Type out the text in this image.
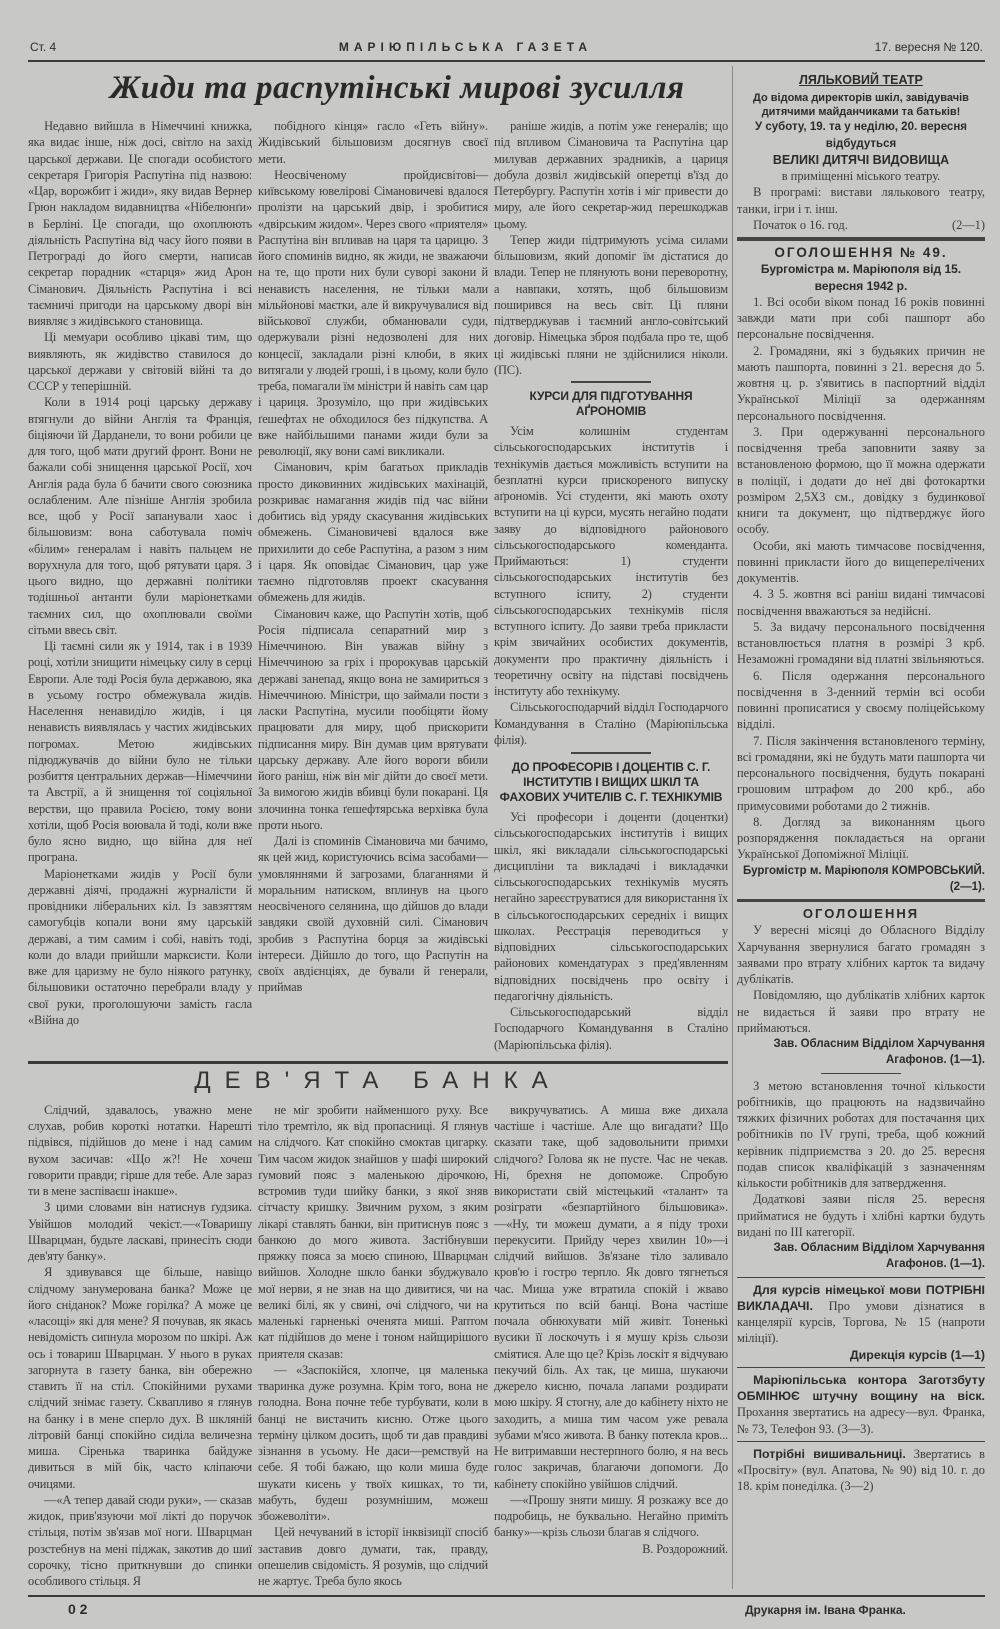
Ст. 4	МАРІЮПІЛЬСЬКА ГАЗЕТА	17. вересня № 120.
Жиди та распутінські мирові зусилля

Недавно вийшла в Німеччині книжка, яка видає інше, ніж досі, світло на захід царської держави. Це спогади особистого секретаря Григорія Распутіна під назвою: «Цар, ворожбит і жиди», яку видав Вернер Грюн накладом видавництва «Нібелюнґи» в Берліні. Це спогади, що охоплюють діяльність Распутіна від часу його появи в Петрограді до його смерти, написав секретар порадник «старця» жид Арон Сіманович. Діяльність Распутіна і всі таємничі пригоди на царському дворі він виявляє з жидівського становища.

Ці мемуари особливо цікаві тим, що виявляють, як жидівство ставилося до царської держави у світовій війні та до СССР у теперішній.

Коли в 1914 році царську державу втягнули до війни Англія та Франція, біціяючи їй Дарданели, то вони робили це для того, щоб мати другий фронт. Вони не бажали собі знищення царської Росії, хоч Англія рада була б бачити свого союзника ослабленим. Але пізніше Англія зробила все, щоб у Росії запанували хаос і більшовизм: вона саботувала поміч «білим» генералам і навіть пальцем не ворухнула для того, щоб рятувати царя. З цього видно, що державні політики тодішньої антанти були маріонетками таємних сил, що охоплювали своїми сітьми ввесь світ.

Ці таємні сили як у 1914, так і в 1939 році, хотіли знищити німецьку силу в серці Европи. Але тоді Росія була державою, яка в усьому гостро обмежувала жидів. Населення ненавиділо жидів, і ця ненависть виявлялась у частих жидівських погромах. Метою жидівських підюджувачів до війни було не тільки розбиття центральних держав—Німеччини та Австрії, а й знищення тої соціяльної верстви, що правила Росією, тому вони хотіли, щоб Росія воювала й тоді, коли вже було ясно видно, що війна для неї програна.

Маріонетками жидів у Росії були державні діячі, продажні журналісти й провідники ліберальних кіл. Із завзяттям самогубців копали вони яму царській державі, а тим самим і собі, навіть тоді, коли до влади прийшли марксисти. Коли вже для царизму не було ніякого ратунку, більшовики остаточно перебрали владу у свої руки, проголошуючи замість гасла «Війна до

побідного кінця» гасло «Геть війну». Жидівський більшовизм досягнув своєї мети.

Неосвіченому пройдисвітові—київському ювелірові Сімановичеві вдалося пролізти на царський двір, і зробитися «двірським жидом». Через свого «приятеля» Распутіна він впливав на царя та царицю. З його споминів видно, як жиди, не зважаючи на те, що проти них були суворі закони й ненависть населення, не тільки мали мільйонові маєтки, але й викручувалися від військової служби, обманювали суди, одержували різні недозволені для них концесії, закладали різні клюби, в яких витягали у людей гроші, і в цьому, коли було треба, помагали їм міністри й навіть сам цар і цариця. Зрозуміло, що при жидівських ґешефтах не обходилося без підкупства. А вже найбільшими панами жиди були за революції, яку вони самі викликали.

Сіманович, крім багатьох прикладів просто диковинних жидівських махінацій, розкриває намагання жидів під час війни добитись від уряду скасування жидівських обмежень. Сімановичеві вдалося вже прихилити до себе Распутіна, а разом з ним і царя. Як оповідає Сіманович, цар уже таємно підготовляв проект скасування обмежень для жидів.

Сіманович каже, що Распутін хотів, щоб Росія підписала сепаратний мир з Німеччиною. Він уважав війну з Німеччиною за гріх і пророкував царській державі занепад, якщо вона не замириться з Німеччиною. Міністри, що займали пости з ласки Распутіна, мусили пообіцяти йому працювати для миру, щоб прискорити підписання миру. Він думав цим врятувати царську державу. Але його вороги вбили його раніш, ніж він міг дійти до своєї мети. За вимогою жидів вбивці були покарані. Ця злочинна тонка ґешефтярська верхівка була проти нього.

Далі із споминів Сімановича ми бачимо, як цей жид, користуючись всіма засобами—умовляннями й загрозами, благаннями й моральним натиском, вплинув на цього неосвіченого селянина, що дійшов до влади завдяки своїй духовній силі. Сіманович зробив з Распутіна борця за жидівські інтереси. Дійшло до того, що Распутін на своїх авдієнціях, де бували й генерали, приймав

раніше жидів, а потім уже генералів; що під впливом Сімановича та Распутіна цар милував державних зрадників, а цариця добула дозвіл жидівській оперетці в'їзд до Петербургу. Распутін хотів і міг привести до миру, але його секретар-жид перешкоджав цьому.

Тепер жиди підтримують усіма силами більшовизм, який допоміг їм дістатися до влади. Тепер не плянують вони переворотну, а навпаки, хотять, щоб більшовизм поширився на весь світ. Ці пляни підтверджував і таємний англо-совітський договір. Німецька зброя подбала про те, щоб ці жидівські пляни не здійснилися ніколи. (ПС).

КУРСИ ДЛЯ ПІДГОТУВАННЯ АҐРОНОМІВ

Усім колишнім студентам сільськогосподарських інститутів і технікумів дається можливість вступити на безплатні курси прискореного випуску аґрономів. Усі студенти, які мають охоту вступити на ці курси, мусять негайно подати заяву до відповідного районового сільськогосподарського коменданта. Приймаються: 1) студенти сільськогосподарських інститутів без вступного іспиту, 2) студенти сільськогосподарських технікумів після вступного іспиту. До заяви треба прикласти крім звичайних особистих документів, документи про практичну діяльність і теоретичну освіту на підставі посвідчень інституту або технікуму.

Сільськогосподарчий відділ Господарчого Командування в Сталіно (Маріюпільська філія).

ДО ПРОФЕСОРІВ І ДОЦЕНТІВ С. Г. ІНСТИТУТІВ І ВИЩИХ ШКІЛ ТА ФАХОВИХ УЧИТЕЛІВ С. Г. ТЕХНІКУМІВ

Усі професори і доценти (доцентки) сільськогосподарських інститутів і вищих шкіл, які викладали сільськогосподарські дисципліни та викладачі і викладачки сільськогосподарських технікумів мусять негайно зареєструватися для використання їх в сільськогосподарських середніх і вищих школах. Реєстрація переводиться у відповідних сільськогосподарських районових комендатурах з пред'явленням відповідних посвідчень про освіту і педагогічну діяльність.

Сільськогосподарський відділ Господарчого Командування в Сталіно (Маріюпільська філія).

ДЕВ'ЯТА БАНКА

Слідчий, здавалось, уважно мене слухав, робив короткі нотатки. Нарешті підвівся, підійшов до мене і над самим вухом засичав: «Що ж?! Не хочеш говорити правди; гірше для тебе. Але зараз ти в мене заспіваєш інакше».

З цими словами він натиснув ґудзика. Увійшов молодий чекіст.—«Товаришу Шварцман, будьте ласкаві, принесіть сюди дев'яту банку».

Я здивувався ще більше, навіщо слідчому занумерована банка? Може це його сніданок? Може горілка? А може це «ласощі» які для мене? Я почував, як якась невідомість сипнула морозом по шкірі. Аж ось і товариш Шварцман. У нього в руках загорнута в газету банка, він обережно ставить її на стіл. Спокійними рухами слідчий знімає газету. Сквапливо я глянув на банку і в мене сперло дух. В шкляній літровій банці спокійно сиділа величезна миша. Сіренька тваринка байдуже дивиться в мій бік, часто кліпаючи очицями.

—«А тепер давай сюди руки», — сказав жидок, прив'язуючи мої лікті до поручок стільця, потім зв'язав мої ноги. Шварцман розстебнув на мені піджак, закотив до шиї сорочку, тісно приткнувши до спинки особливого стільця. Я

не міг зробити найменшого руху. Все тіло тремтіло, як від пропасниці. Я глянув на слідчого. Кат спокійно смоктав цигарку. Тим часом жидок знайшов у шафі широкий ґумовий пояс з маленькою дірочкою, встромив туди шийку банки, з якої зняв сітчасту кришку. Звичним рухом, з яким лікарі ставлять банки, він притиснув пояс з банкою до мого живота. Застібнувши пряжку пояса за моєю спиною, Шварцман вийшов. Холодне шкло банки збуджувало мої нерви, я не знав на що дивитися, чи на великі білі, як у свині, очі слідчого, чи на маленькі гарненькі оченята миші. Раптом кат підійшов до мене і тоном найщирішого приятеля сказав:

— «Заспокійся, хлопче, ця маленька тваринка дуже розумна. Крім того, вона не голодна. Вона почне тебе турбувати, коли в банці не вистачить кисню. Отже цього терміну цілком досить, щоб ти дав правдиві зізнання в усьому. Не даси—ремствуй на себе. Я тобі бажаю, що коли миша буде шукати кисень у твоїх кишках, то ти, мабуть, будеш розумнішим, можеш збожеволіти».

Цей нечуваний в історії інквізиції спосіб заставив довго думати, так, правду, опешелив свідомість. Я розумів, що слідчий не жартує. Треба було якось

викручуватись. А миша вже дихала частіше і частіше. Але що вигадати? Що сказати таке, щоб задовольнити примхи слідчого? Голова як не пусте. Час не чекав. Ні, брехня не допоможе. Спробую використати свій містецький «талант» та розіграти «безпартійного більшовика».—«Ну, ти можеш думати, а я піду трохи перекусити. Прийду через хвилин 10»—і слідчий вийшов. Зв'язане тіло заливало кров'ю і гостро терпло. Як довго тягнеться час. Миша уже втратила спокій і жваво крутиться по всій банці. Вона частіше почала обнюхувати мій живіт. Тоненькі вусики її лоскочуть і я мушу крізь сльози сміятися. Але що це? Крізь лоскіт я відчуваю пекучий біль. Ах так, це миша, шукаючи джерело кисню, почала лапами роздирати мою шкіру. Я стогну, але до кабінету ніхто не заходить, а миша тим часом уже ревала зубами м'ясо живота. В банку потекла кров... Не витримавши нестерпного болю, я на весь голос закричав, благаючи допомоги. До кабінету спокійно увійшов слідчий.

—«Прошу зняти мишу. Я розкажу все до подробиць, не буквально. Негайно приміть банку»—крізь сльози благав я слідчого.

В. Роздорожний.

ЛЯЛЬКОВИЙ ТЕАТР

До відома директорів шкіл, завідувачів дитячими майданчиками та батьків!

У суботу, 19. та у неділю, 20. вересня відбудуться

ВЕЛИКІ ДИТЯЧІ ВИДОВИЩА

в приміщенні міського театру.

В програмі: вистави лялькового театру, танки, ігри і т. інш.

Початок о 16. год.	(2—1)

ОГОЛОШЕННЯ № 49.

Бургомістра м. Маріюполя від 15. вересня 1942 р.

1. Всі особи віком понад 16 років повинні завжди мати при собі пашпорт або персональне посвідчення.

2. Громадяни, які з будьяких причин не мають пашпорта, повинні з 21. вересня до 5. жовтня ц. р. з'явитись в паспортний відділ Української Міліції за одержанням персонального посвідчення.

3. При одержуванні персонального посвідчення треба заповнити заяву за встановленою формою, що її можна одержати в поліції, і додати до неї дві фотокартки розміром 2,5Х3 см., довідку з будинкової книги та документ, що підтверджує його особу.

Особи, які мають тимчасове посвідчення, повинні прикласти його до вищеперелічених документів.

4. З 5. жовтня всі раніш видані тимчасові посвідчення вважаються за недійсні.

5. За видачу персонального посвідчення встановлюється платня в розмірі 3 крб. Незаможні громадяни від платні звільняються.

6. Після одержання персонального посвідчення в 3-денний термін всі особи повинні прописатися у своєму поліцейському відділі.

7. Після закінчення встановленого терміну, всі громадяни, які не будуть мати пашпорта чи персонального посвідчення, будуть покарані грошовим штрафом до 200 крб., або примусовими роботами до 2 тижнів.

8. Догляд за виконанням цього розпорядження покладається на органи Української Допоміжної Міліції.

Бургомістр м. Маріюполя КОМРОВСЬКИЙ. (2—1).

ОГОЛОШЕННЯ

У вересні місяці до Обласного Відділу Харчування звернулися багато громадян з заявами про втрату хлібних карток та видачу дублікатів.

Повідомляю, що дублікатів хлібних карток не видається й заяви про втрату не приймаються.

Зав. Обласним Відділом Харчування Агафонов. (1—1).

З метою встановлення точної кількости робітників, що працюють на надзвичайно тяжких фізичних роботах для постачання цих робітників по IV групі, треба, щоб кожний керівник підприємства з 20. до 25. вересня подав список кваліфікацій з зазначенням кількости робітників для затвердження.

Додаткові заяви після 25. вересня прийматися не будуть і хлібні картки будуть видані по III категорії.

Зав. Обласним Відділом Харчування Агафонов. (1—1).

Для курсів німецької мови ПОТРІБНІ ВИКЛАДАЧІ. Про умови дізнатися в канцелярії курсів, Торгова, № 15 (напроти міліції).

Дирекція курсів (1—1)

Маріюпільська контора Заготзбуту ОБМІНЮЄ штучну вощину на віск. Прохання звертатись на адресу—вул. Франка, № 73, Телефон 93. (3—3).

Потрібні вишивальниці. Звертатись в «Просвіту» (вул. Апатова, № 90) від 10. г. до 18. крім понеділка. (3—2)

0 2	Друкарня ім. Івана Франка.
